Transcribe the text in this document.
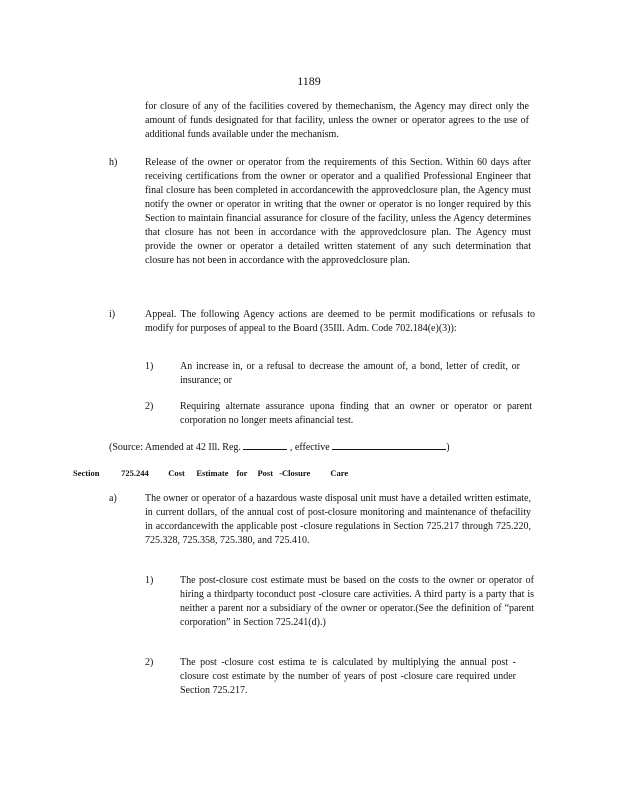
1189
for closure of any of the facilities covered by themechanism, the Agency may direct only the amount of funds designated for that facility, unless the owner or operator agrees to the use of additional funds available under the mechanism.
h)	Release of the owner or operator from the requirements of this Section. Within 60 days after receiving certifications from the owner or operator and a qualified Professional Engineer that final closure has been completed in accordancewith the approvedclosure plan, the Agency must notify the owner or operator in writing that the owner or operator is no longer required by this Section to maintain financial assurance for closure of the facility, unless the Agency determines that closure has not been in accordance with the approvedclosure plan. The Agency must provide the owner or operator a detailed written statement of any such determination that closure has not been in accordance with the approvedclosure plan.
i)	Appeal. The following Agency actions are deemed to be permit modifications or refusals to modify for purposes of appeal to the Board (35Ill. Adm. Code 702.184(e)(3)):
1)	An increase in, or a refusal to decrease the amount of, a bond, letter of credit, or insurance; or
2)	Requiring alternate assurance upona finding that an owner or operator or parent corporation no longer meets afinancial test.
(Source: Amended at 42 Ill. Reg.	, effective	)
Section	725.244 Cost Estimate for Post -Closure Care
a)	The owner or operator of a hazardous waste disposal unit must have a detailed written estimate, in current dollars, of the annual cost of post-closure monitoring and maintenance of thefacility in accordancewith the applicable post -closure regulations in Section 725.217 through 725.220, 725.328, 725.358, 725.380, and 725.410.
1)	The post-closure cost estimate must be based on the costs to the owner or operator of hiring a thirdparty toconduct post -closure care activities. A third party is a party that is neither a parent nor a subsidiary of the owner or operator.(See the definition of “parent corporation” in Section 725.241(d).)
2)	The post -closure cost estima te is calculated by multiplying the annual post -closure cost estimate by the number of years of post -closure care required under Section 725.217.
